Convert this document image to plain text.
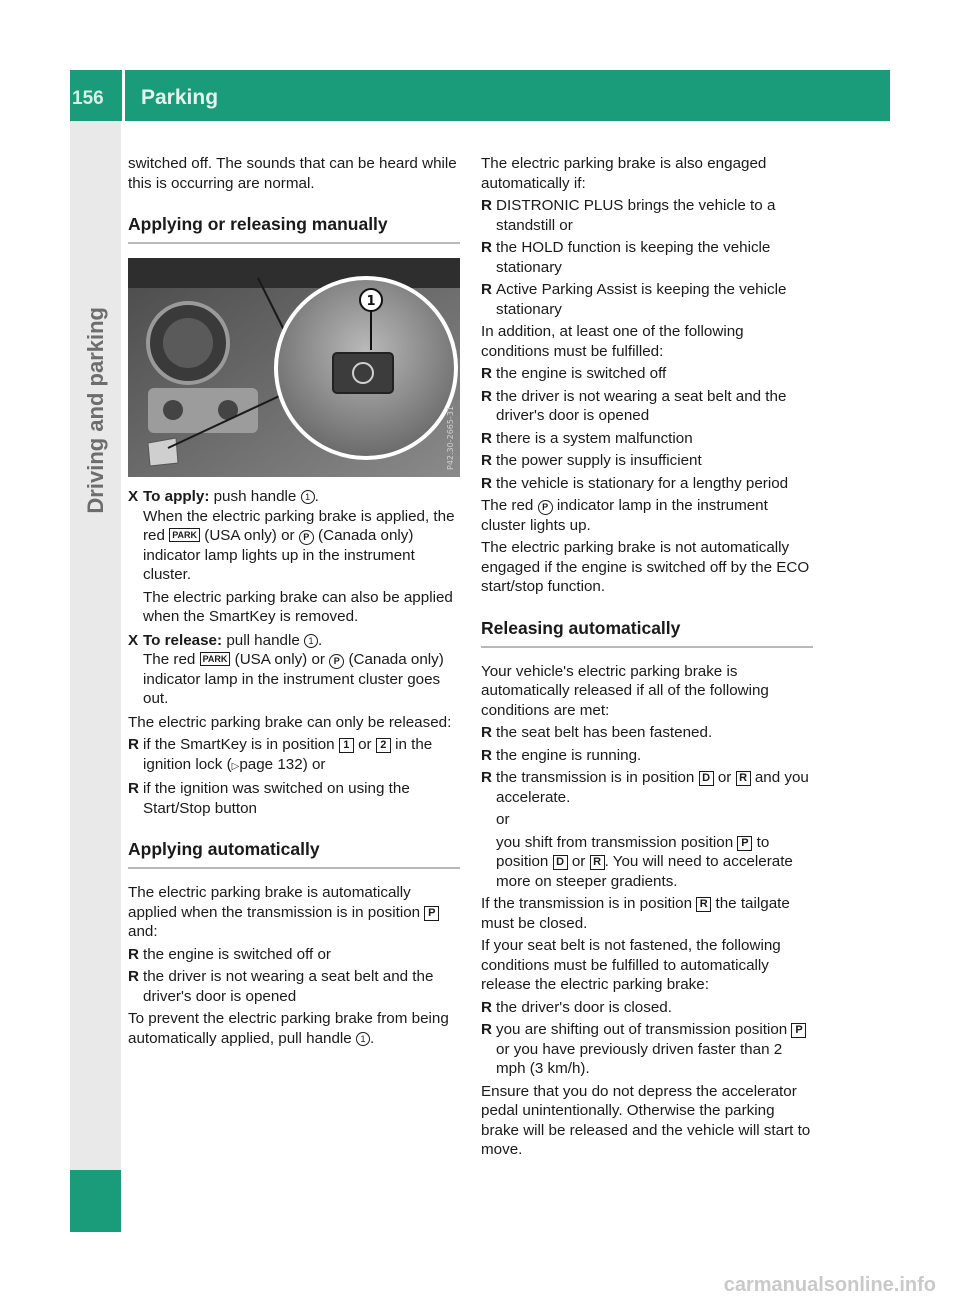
156 Parking
Driving and parking

switched off. The sounds that can be heard while this is occurring are normal.

Applying or releasing manually
1
P42.30-2665-31
X To apply: push handle 1 .
When the electric parking brake is applied, the red PARK (USA only) or P (Canada only) indicator lamp lights up in the instrument cluster.

The electric parking brake can also be applied when the SmartKey is removed.

X To release: pull handle 1 .
The red PARK (USA only) or P (Canada only) indicator lamp in the instrument cluster goes out.

The electric parking brake can only be released:

R if the SmartKey is in position 1 or 2 in the ignition lock (▷page 132) or
R if the ignition was switched on using the Start/Stop button
Applying automatically

The electric parking brake is automatically applied when the transmission is in position P and:

R the engine is switched off or
R the driver is not wearing a seat belt and the driver's door is opened

To prevent the electric parking brake from being automatically applied, pull handle 1 .

The electric parking brake is also engaged automatically if:

R DISTRONIC PLUS brings the vehicle to a standstill or
R the HOLD function is keeping the vehicle stationary
R Active Parking Assist is keeping the vehicle stationary

In addition, at least one of the following conditions must be fulfilled:

R the engine is switched off
R the driver is not wearing a seat belt and the driver's door is opened
R there is a system malfunction
R the power supply is insufficient
R the vehicle is stationary for a lengthy period

The red P indicator lamp in the instrument cluster lights up.

The electric parking brake is not automatically engaged if the engine is switched off by the ECO start/stop function.

Releasing automatically

Your vehicle's electric parking brake is automatically released if all of the following conditions are met:

R the seat belt has been fastened.
R the engine is running.
R the transmission is in position D or R and you accelerate.

or

you shift from transmission position P to position D or R . You will need to accelerate more on steeper gradients.

If the transmission is in position R the tailgate must be closed.

If your seat belt is not fastened, the following conditions must be fulfilled to automatically release the electric parking brake:

R the driver's door is closed.
R you are shifting out of transmission position P or you have previously driven faster than 2 mph (3 km/h).

Ensure that you do not depress the accelerator pedal unintentionally. Otherwise the parking brake will be released and the vehicle will start to move.

carmanualsonline.info
